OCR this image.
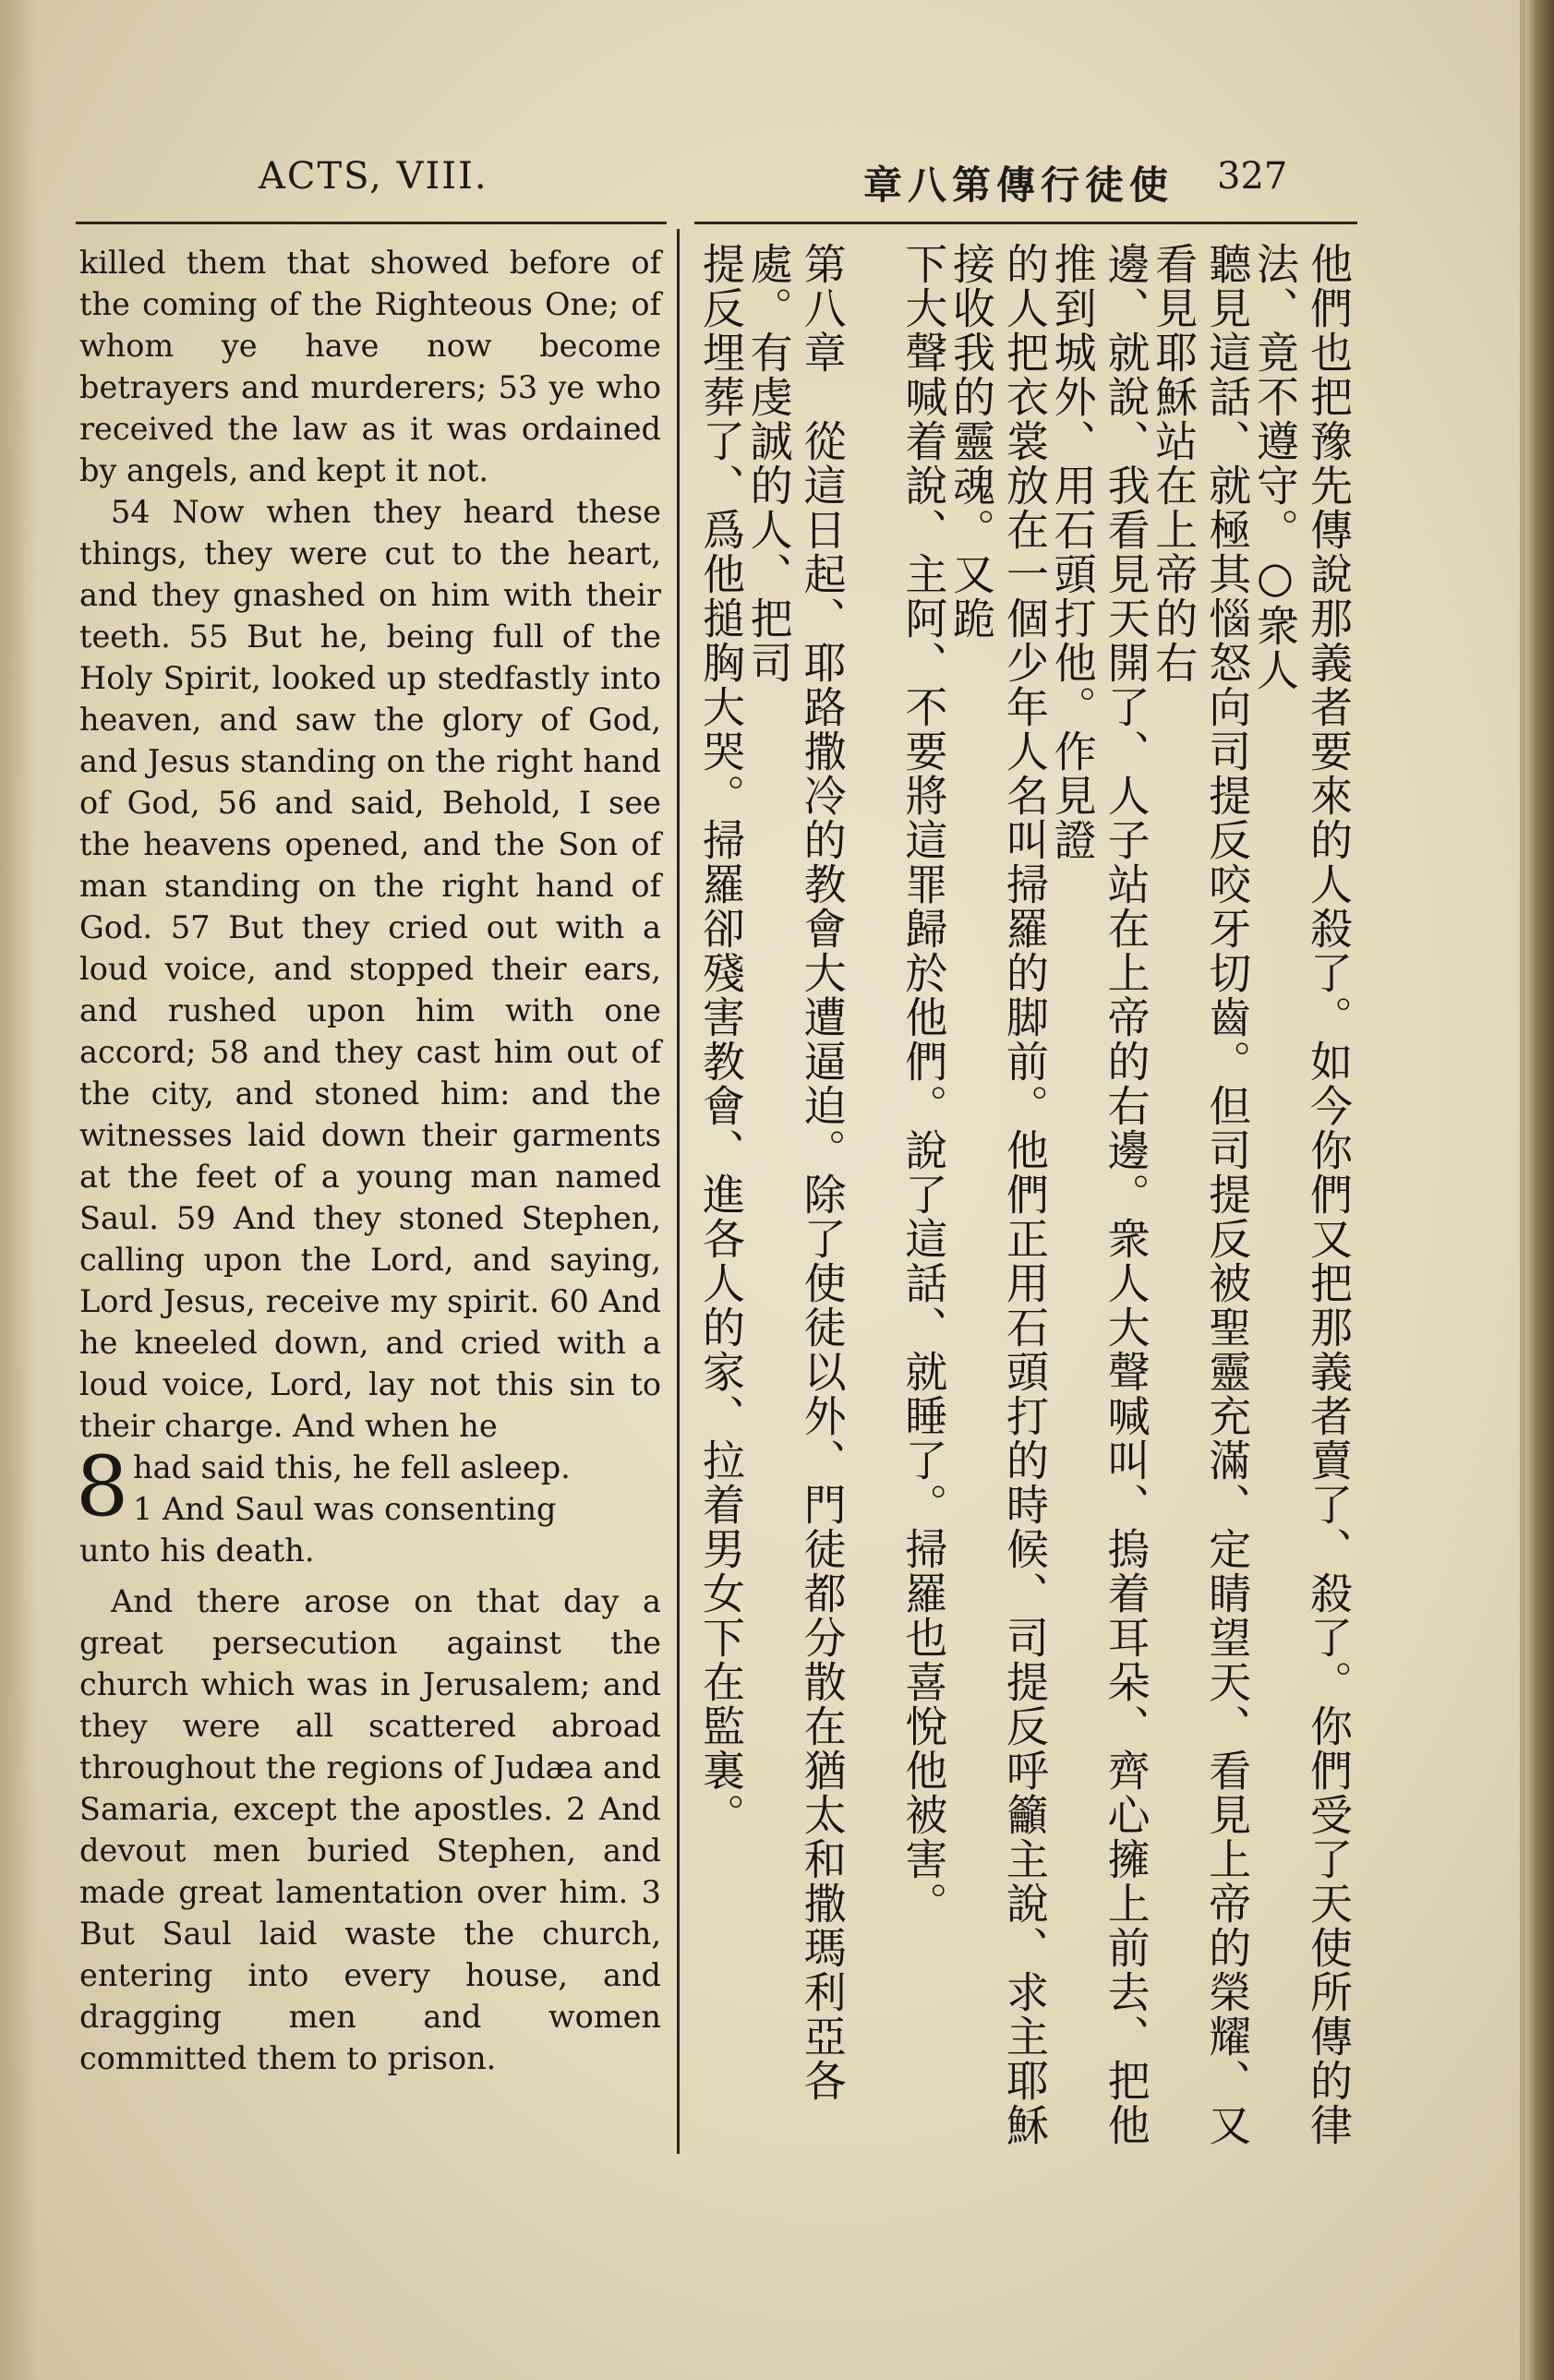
ACTS, VIII.	章八第傳行徒使 327

killed them that showed before of the coming of the Righteous One; of whom ye have now become betrayers and murderers; 53 ye who received the law as it was ordained by angels, and kept it not.

54 Now when they heard these things, they were cut to the heart, and they gnashed on him with their teeth. 55 But he, being full of the Holy Spirit, looked up stedfastly into heaven, and saw the glory of God, and Jesus standing on the right hand of God, 56 and said, Behold, I see the heavens opened, and the Son of man standing on the right hand of God. 57 But they cried out with a loud voice, and stopped their ears, and rushed upon him with one accord; 58 and they cast him out of the city, and stoned him: and the witnesses laid down their garments at the feet of a young man named Saul. 59 And they stoned Stephen, calling upon the Lord, and saying, Lord Jesus, receive my spirit. 60 And he kneeled down, and cried with a loud voice, Lord, lay not this sin to their charge. And when he

8 had said this, he fell asleep.
1 And Saul was consenting

unto his death.

And there arose on that day a great persecution against the church which was in Jerusalem; and they were all scattered abroad throughout the regions of Judæa and Samaria, except the apostles. 2 And devout men buried Stephen, and made great lamentation over him. 3 But Saul laid waste the church, entering into every house, and dragging men and women committed them to prison.	他們也把豫先傳說那義者要來的人殺了。如今你們又把那義者賣了、殺了。你們受了天使所傳的律法、竟不遵守。○衆人
聽見這話、就極其惱怒向司提反咬牙切齒。但司提反被聖靈充滿、定睛望天、看見上帝的榮耀、又看見耶穌站在上帝的右
邊、就說、我看見天開了、人子站在上帝的右邊。衆人大聲喊叫、摀着耳朵、齊心擁上前去、把他推到城外、用石頭打他。作見證
的人把衣裳放在一個少年人名叫掃羅的脚前。他們正用石頭打的時候、司提反呼籲主說、求主耶穌接收我的靈魂。又跪
下大聲喊着說、主阿、不要將這罪歸於他們。說了這話、就睡了。掃羅也喜悅他被害。
第八章　從這日起、耶路撒冷的教會大遭逼迫。除了使徒以外、門徒都分散在猶太和撒瑪利亞各處。有虔誠的人、把司
提反埋葬了、爲他搥胸大哭。掃羅卻殘害教會、進各人的家、拉着男女下在監裏。
